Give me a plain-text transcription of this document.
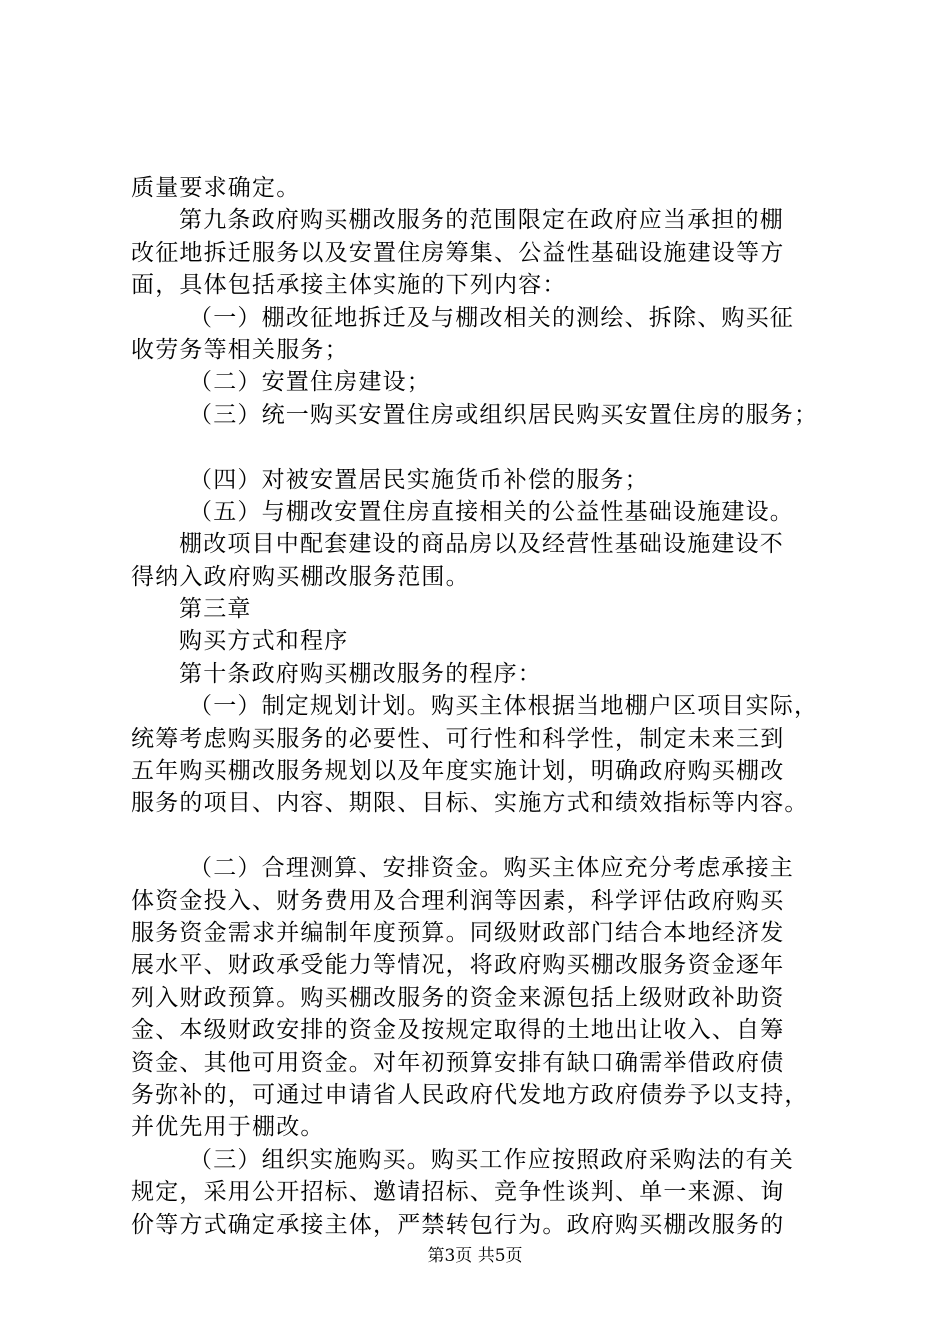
质量要求确定。
第九条政府购买棚改服务的范围限定在政府应当承担的棚
改征地拆迁服务以及安置住房筹集、公益性基础设施建设等方
面，具体包括承接主体实施的下列内容：
（一）棚改征地拆迁及与棚改相关的测绘、拆除、购买征
收劳务等相关服务；
（二）安置住房建设；
（三）统一购买安置住房或组织居民购买安置住房的服务；
（四）对被安置居民实施货币补偿的服务；
（五）与棚改安置住房直接相关的公益性基础设施建设。
棚改项目中配套建设的商品房以及经营性基础设施建设不
得纳入政府购买棚改服务范围。
第三章
购买方式和程序
第十条政府购买棚改服务的程序：
（一）制定规划计划。购买主体根据当地棚户区项目实际，
统筹考虑购买服务的必要性、可行性和科学性，制定未来三到
五年购买棚改服务规划以及年度实施计划，明确政府购买棚改
服务的项目、内容、期限、目标、实施方式和绩效指标等内容。
（二）合理测算、安排资金。购买主体应充分考虑承接主
体资金投入、财务费用及合理利润等因素，科学评估政府购买
服务资金需求并编制年度预算。同级财政部门结合本地经济发
展水平、财政承受能力等情况，将政府购买棚改服务资金逐年
列入财政预算。购买棚改服务的资金来源包括上级财政补助资
金、本级财政安排的资金及按规定取得的土地出让收入、自筹
资金、其他可用资金。对年初预算安排有缺口确需举借政府债
务弥补的，可通过申请省人民政府代发地方政府债券予以支持，
并优先用于棚改。
（三）组织实施购买。购买工作应按照政府采购法的有关
规定，采用公开招标、邀请招标、竞争性谈判、单一来源、询
价等方式确定承接主体，严禁转包行为。政府购买棚改服务的
第3页 共5页
